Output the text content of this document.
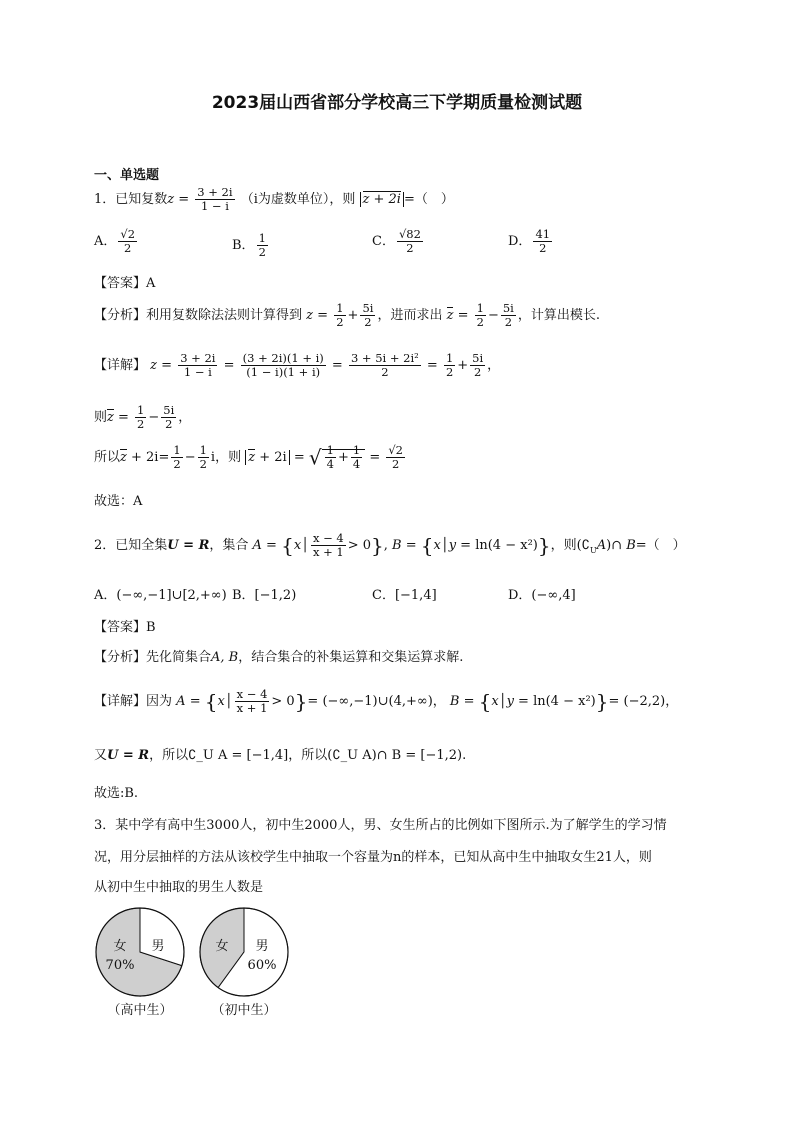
2023届山西省部分学校高三下学期质量检测试题
一、单选题
1．已知复数$z = \frac{3 + 2i}{1 - i} (i$为虚数单位），则 z + 2i =（　）
A． $\frac{√2}{2}$	B． $\frac{1}{2}$	C． $\frac{√82}{2}$	D． $\frac{41}{2}$
【答案】A
【分析】利用复数除法法则计算得到 $z = \frac{1}{2} + \frac{5i}{2}$ ，进而求出 $z = \frac{1}{2} - \frac{5i}{2}$ ，计算出模长.
【详解】 $z = \frac{3 + 2i}{1 - i} = \frac{(3 + 2i)(1 + i)}{(1 - i)(1 + i)} = \frac{\text{3 + 5i + 2i²}}{2} = \frac{1}{2} + \frac{5i}{2}$ ，
则$z = \frac{1}{2} - \frac{5i}{2}$ ，
所以$z + 2i= \frac{1}{2} - \frac{1}{2}$ i，则 z + 2i = √ $\frac{1}{4} + \frac{1}{4} = \frac{√2}{2}$
故选：A
2．已知全集U = R，集合 A = {x│ $\frac{x - 4}{x + 1} > 0$}, B = {x│y = ln(4 − x²)}，则$(∁_UA)\cap$ B=（　）
A．(−∞,−1]∪[2,+∞) B．[−1,2)	C．[−1,4]	D．(−∞,4]
【答案】B
【分析】先化简集合A, B，结合集合的补集运算和交集运算求解.
【详解】因为 A = {x│ $\frac{x - 4}{x + 1} > 0\}=$ (−∞,−1)∪(4,+∞)， B = {x│y = ln(4 − x²)}= (−2,2)，
又U = R，所以∁_U A = [−1,4]，所以(∁_U A)∩ B = [−1,2).
故选:B.
3．某中学有高中生3000人，初中生2000人，男、女生所占的比例如下图所示.为了解学生的学习情
况，用分层抽样的方法从该校学生中抽取一个容量为n的样本，已知从高中生中抽取女生21人，则
从初中生中抽取的男生人数是
女
70%
男
（高中生）
女 男
60%
（初中生）
